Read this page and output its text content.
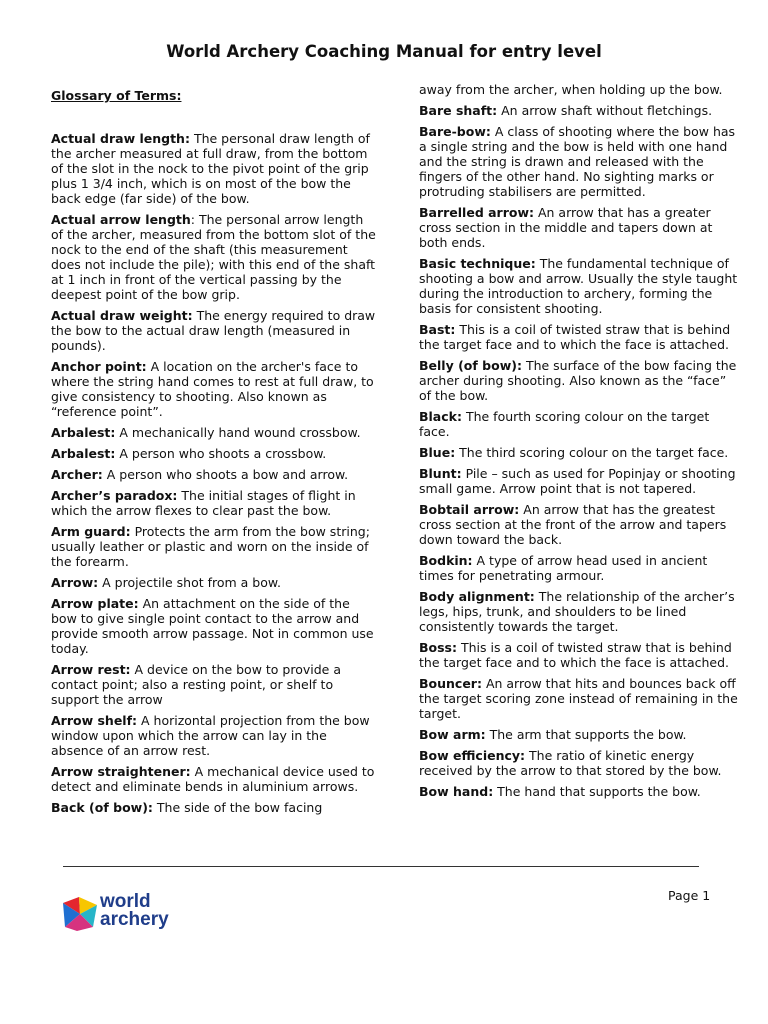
World Archery Coaching Manual for entry level
Glossary of Terms:
Actual draw length: The personal draw length of the archer measured at full draw, from the bottom of the slot in the nock to the pivot point of the grip plus 1 3/4 inch, which is on most of the bow the back edge (far side) of the bow.
Actual arrow length: The personal arrow length of the archer, measured from the bottom slot of the nock to the end of the shaft (this measurement does not include the pile); with this end of the shaft at 1 inch in front of the vertical passing by the deepest point of the bow grip.
Actual draw weight: The energy required to draw the bow to the actual draw length (measured in pounds).
Anchor point: A location on the archer's face to where the string hand comes to rest at full draw, to give consistency to shooting. Also known as “reference point”.
Arbalest: A mechanically hand wound crossbow.
Arbalest: A person who shoots a crossbow.
Archer: A person who shoots a bow and arrow.
Archer’s paradox: The initial stages of flight in which the arrow flexes to clear past the bow.
Arm guard: Protects the arm from the bow string; usually leather or plastic and worn on the inside of the forearm.
Arrow: A projectile shot from a bow.
Arrow plate: An attachment on the side of the bow to give single point contact to the arrow and provide smooth arrow passage. Not in common use today.
Arrow rest: A device on the bow to provide a contact point; also a resting point, or shelf to support the arrow
Arrow shelf: A horizontal projection from the bow window upon which the arrow can lay in the absence of an arrow rest.
Arrow straightener: A mechanical device used to detect and eliminate bends in aluminium arrows.
Back (of bow): The side of the bow facing
away from the archer, when holding up the bow.
Bare shaft: An arrow shaft without fletchings.
Bare-bow: A class of shooting where the bow has a single string and the bow is held with one hand and the string is drawn and released with the fingers of the other hand. No sighting marks or protruding stabilisers are permitted.
Barrelled arrow: An arrow that has a greater cross section in the middle and tapers down at both ends.
Basic technique: The fundamental technique of shooting a bow and arrow. Usually the style taught during the introduction to archery, forming the basis for consistent shooting.
Bast: This is a coil of twisted straw that is behind the target face and to which the face is attached.
Belly (of bow): The surface of the bow facing the archer during shooting. Also known as the “face” of the bow.
Black: The fourth scoring colour on the target face.
Blue: The third scoring colour on the target face.
Blunt: Pile – such as used for Popinjay or shooting small game. Arrow point that is not tapered.
Bobtail arrow: An arrow that has the greatest cross section at the front of the arrow and tapers down toward the back.
Bodkin: A type of arrow head used in ancient times for penetrating armour.
Body alignment: The relationship of the archer’s legs, hips, trunk, and shoulders to be lined consistently towards the target.
Boss: This is a coil of twisted straw that is behind the target face and to which the face is attached.
Bouncer: An arrow that hits and bounces back off the target scoring zone instead of remaining in the target.
Bow arm: The arm that supports the bow.
Bow efficiency: The ratio of kinetic energy received by the arrow to that stored by the bow.
Bow hand: The hand that supports the bow.
Page 1
world
archery
